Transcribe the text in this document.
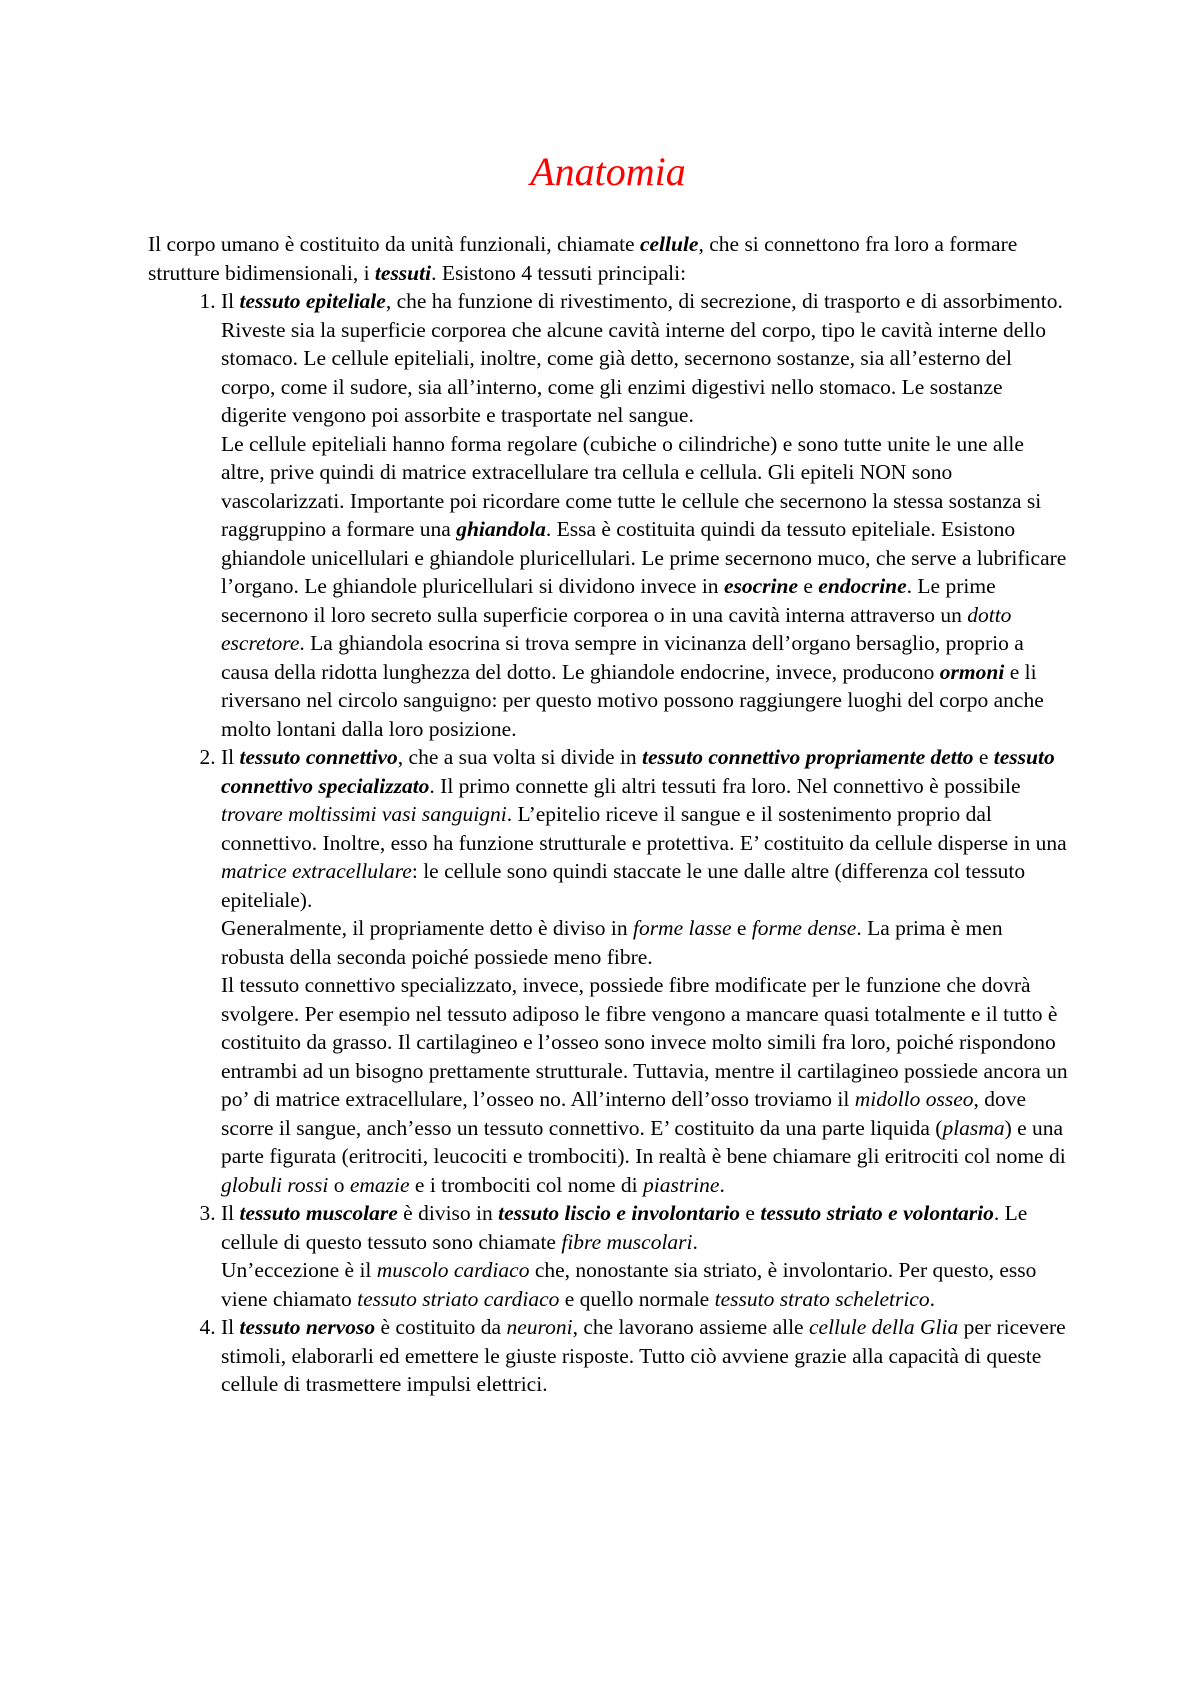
Anatomia

Il corpo umano è costituito da unità funzionali, chiamate cellule, che si connettono fra loro a formare strutture bidimensionali, i tessuti. Esistono 4 tessuti principali:

1. Il tessuto epiteliale, che ha funzione di rivestimento, di secrezione, di trasporto e di assorbimento. Riveste sia la superficie corporea che alcune cavità interne del corpo, tipo le cavità interne dello stomaco. Le cellule epiteliali, inoltre, come già detto, secernono sostanze, sia all’esterno del corpo, come il sudore, sia all’interno, come gli enzimi digestivi nello stomaco. Le sostanze digerite vengono poi assorbite e trasportate nel sangue.
Le cellule epiteliali hanno forma regolare (cubiche o cilindriche) e sono tutte unite le une alle altre, prive quindi di matrice extracellulare tra cellula e cellula. Gli epiteli NON sono vascolarizzati. Importante poi ricordare come tutte le cellule che secernono la stessa sostanza si raggruppino a formare una ghiandola. Essa è costituita quindi da tessuto epiteliale. Esistono ghiandole unicellulari e ghiandole pluricellulari. Le prime secernono muco, che serve a lubrificare l’organo. Le ghiandole pluricellulari si dividono invece in esocrine e endocrine. Le prime secernono il loro secreto sulla superficie corporea o in una cavità interna attraverso un dotto escretore. La ghiandola esocrina si trova sempre in vicinanza dell’organo bersaglio, proprio a causa della ridotta lunghezza del dotto. Le ghiandole endocrine, invece, producono ormoni e li riversano nel circolo sanguigno: per questo motivo possono raggiungere luoghi del corpo anche molto lontani dalla loro posizione.
2. Il tessuto connettivo, che a sua volta si divide in tessuto connettivo propriamente detto e tessuto connettivo specializzato. Il primo connette gli altri tessuti fra loro. Nel connettivo è possibile trovare moltissimi vasi sanguigni. L’epitelio riceve il sangue e il sostenimento proprio dal connettivo. Inoltre, esso ha funzione strutturale e protettiva. E’ costituito da cellule disperse in una matrice extracellulare: le cellule sono quindi staccate le une dalle altre (differenza col tessuto epiteliale).
Generalmente, il propriamente detto è diviso in forme lasse e forme dense. La prima è men robusta della seconda poiché possiede meno fibre.
Il tessuto connettivo specializzato, invece, possiede fibre modificate per le funzione che dovrà svolgere. Per esempio nel tessuto adiposo le fibre vengono a mancare quasi totalmente e il tutto è costituito da grasso. Il cartilagineo e l’osseo sono invece molto simili fra loro, poiché rispondono entrambi ad un bisogno prettamente strutturale. Tuttavia, mentre il cartilagineo possiede ancora un po’ di matrice extracellulare, l’osseo no. All’interno dell’osso troviamo il midollo osseo, dove scorre il sangue, anch’esso un tessuto connettivo. E’ costituito da una parte liquida (plasma) e una parte figurata (eritrociti, leucociti e trombociti). In realtà è bene chiamare gli eritrociti col nome di globuli rossi o emazie e i trombociti col nome di piastrine.
3. Il tessuto muscolare è diviso in tessuto liscio e involontario e tessuto striato e volontario. Le cellule di questo tessuto sono chiamate fibre muscolari.
Un’eccezione è il muscolo cardiaco che, nonostante sia striato, è involontario. Per questo, esso viene chiamato tessuto striato cardiaco e quello normale tessuto strato scheletrico.
4. Il tessuto nervoso è costituito da neuroni, che lavorano assieme alle cellule della Glia per ricevere stimoli, elaborarli ed emettere le giuste risposte. Tutto ciò avviene grazie alla capacità di queste cellule di trasmettere impulsi elettrici.
